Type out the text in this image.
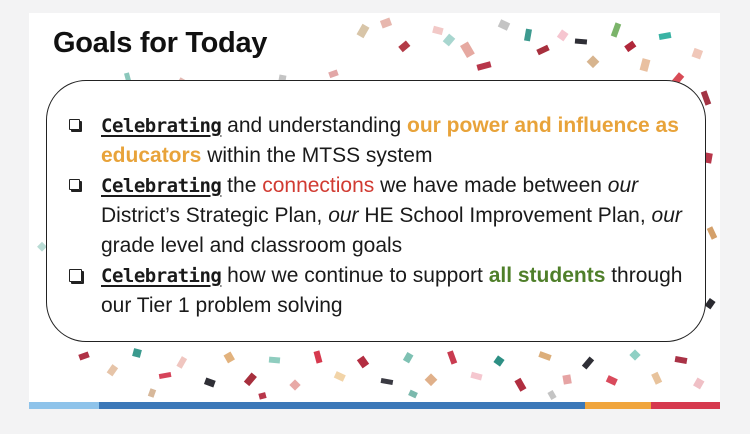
Goals for Today
Celebrating and understanding our power and influence as educators within the MTSS system
Celebrating the connections we have made between our District’s Strategic Plan, our HE School Improvement Plan, our grade level and classroom goals
Celebrating how we continue to support all students through our Tier 1 problem solving
